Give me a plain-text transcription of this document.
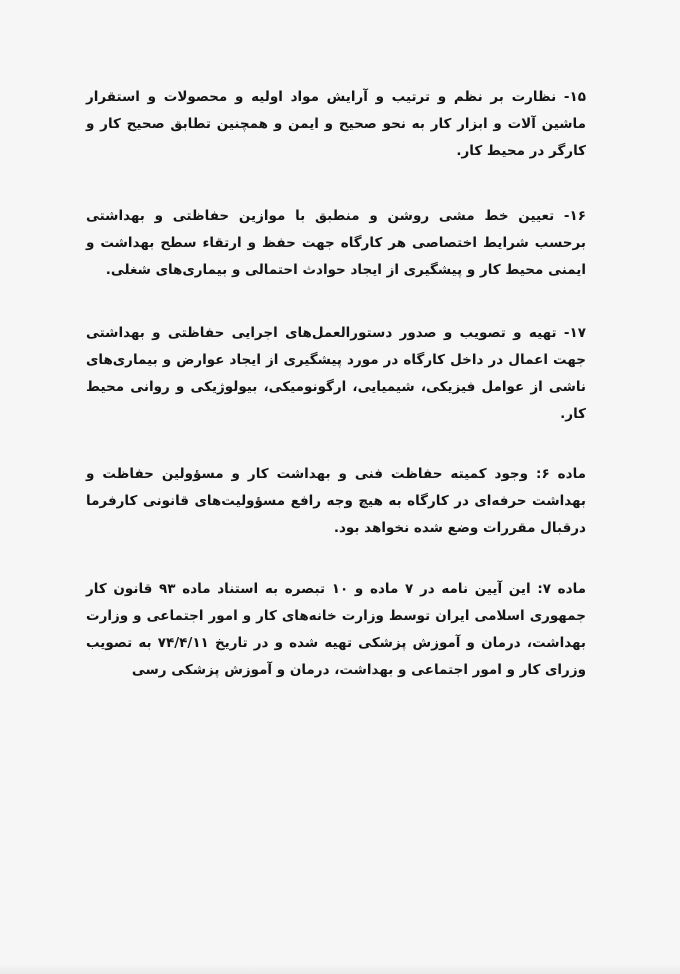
۱۵- نظارت بر نظم و ترتیب و آرایش مواد اولیه و محصولات و استقرار ماشین آلات و ابزار کار به نحو صحیح و ایمن و همچنین تطابق صحیح کار و کارگر در محیط کار.

۱۶- تعیین خط مشی روشن و منطبق با موازین حفاظتی و بهداشتی برحسب شرایط اختصاصی هر کارگاه جهت حفظ و ارتقاء سطح بهداشت و ایمنی محیط کار و پیشگیری از ایجاد حوادث احتمالی و بیماری‌های شغلی.

۱۷- تهیه و تصویب و صدور دستورالعمل‌های اجرایی حفاظتی و بهداشتی جهت اعمال در داخل کارگاه در مورد پیشگیری از ایجاد عوارض و بیماری‌های ناشی از عوامل فیزیکی، شیمیایی، ارگونومیکی، بیولوژیکی و روانی محیط کار.

ماده ۶: وجود کمیته حفاظت فنی و بهداشت کار و مسؤولین حفاظت و بهداشت حرفه‌ای در کارگاه به هیچ وجه رافع مسؤولیت‌های قانونی کارفرما درقبال مقررات وضع شده نخواهد بود.

ماده ۷: این آیین نامه در ۷ ماده و ۱۰ تبصره به استناد ماده ۹۳ قانون کار جمهوری اسلامی ایران توسط وزارت خانه‌های کار و امور اجتماعی و وزارت بهداشت، درمان و آموزش پزشکی تهیه شده و در تاریخ ۷۴/۴/۱۱ به تصویب وزرای کار و امور اجتماعی و بهداشت، درمان و آموزش پزشکی رسی
